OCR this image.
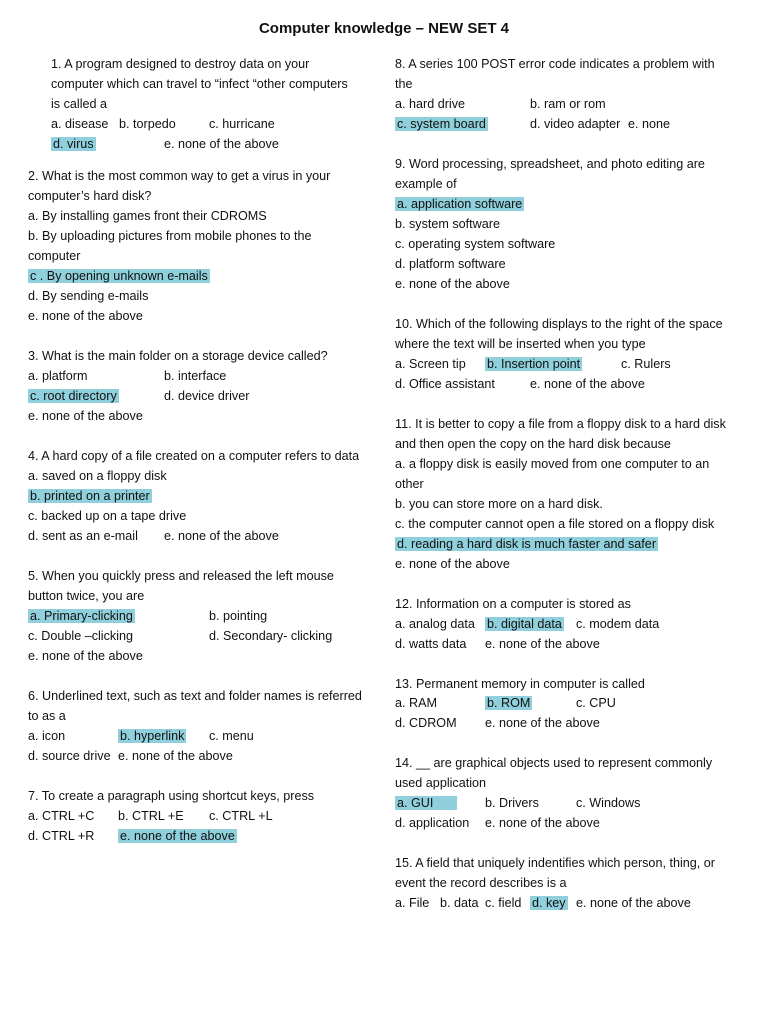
Computer knowledge – NEW SET 4
1. A program designed to destroy data on your
computer which can travel to “infect “other computers
is called a
a. disease b. torpedo	c. hurricane
d. virus	e. none of the above
2. What is the most common way to get a virus in your
computer’s hard disk?
a. By installing games front their CDROMS
b. By uploading pictures from mobile phones to the
computer
c . By opening unknown e-mails
d. By sending e-mails
e. none of the above
3. What is the main folder on a storage device called?
a. platform	b. interface
c. root directory	d. device driver
e. none of the above
4. A hard copy of a file created on a computer refers to data
a. saved on a floppy disk
b. printed on a printer
c. backed up on a tape drive
d. sent as an e-mail e. none of the above
5. When you quickly press and released the left mouse
button twice, you are
a. Primary-clicking	b. pointing
c. Double –clicking	d. Secondary- clicking
e. none of the above
6. Underlined text, such as text and folder names is referred
to as a
a. icon	b. hyperlink c. menu
d. source drive e. none of the above
7. To create a paragraph using shortcut keys, press
a. CTRL +C b. CTRL +E c. CTRL +L
d. CTRL +R e. none of the above
8. A series 100 POST error code indicates a problem with
the
a. hard drive	b. ram or rom
c. system board	d. video adapter e. none
9. Word processing, spreadsheet, and photo editing are
example of
a. application software
b. system software
c. operating system software
d. platform software
e. none of the above
10. Which of the following displays to the right of the space
where the text will be inserted when you type
a. Screen tip b. Insertion point	c. Rulers
d. Office assistant	e. none of the above
11. It is better to copy a file from a floppy disk to a hard disk
and then open the copy on the hard disk because
a. a floppy disk is easily moved from one computer to an
other
b. you can store more on a hard disk.
c. the computer cannot open a file stored on a floppy disk
d. reading a hard disk is much faster and safer
e. none of the above
12. Information on a computer is stored as
a. analog data b. digital data c. modem data
d. watts data e. none of the above
13. Permanent memory in computer is called
a. RAM	b. ROM	c. CPU
d. CDROM e. none of the above
14. __ are graphical objects used to represent commonly
used application
a. GUI	b. Drivers	c. Windows
d. application e. none of the above
15. A field that uniquely indentifies which person, thing, or
event the record describes is a
a. File b. data c. field d. key e. none of the above
